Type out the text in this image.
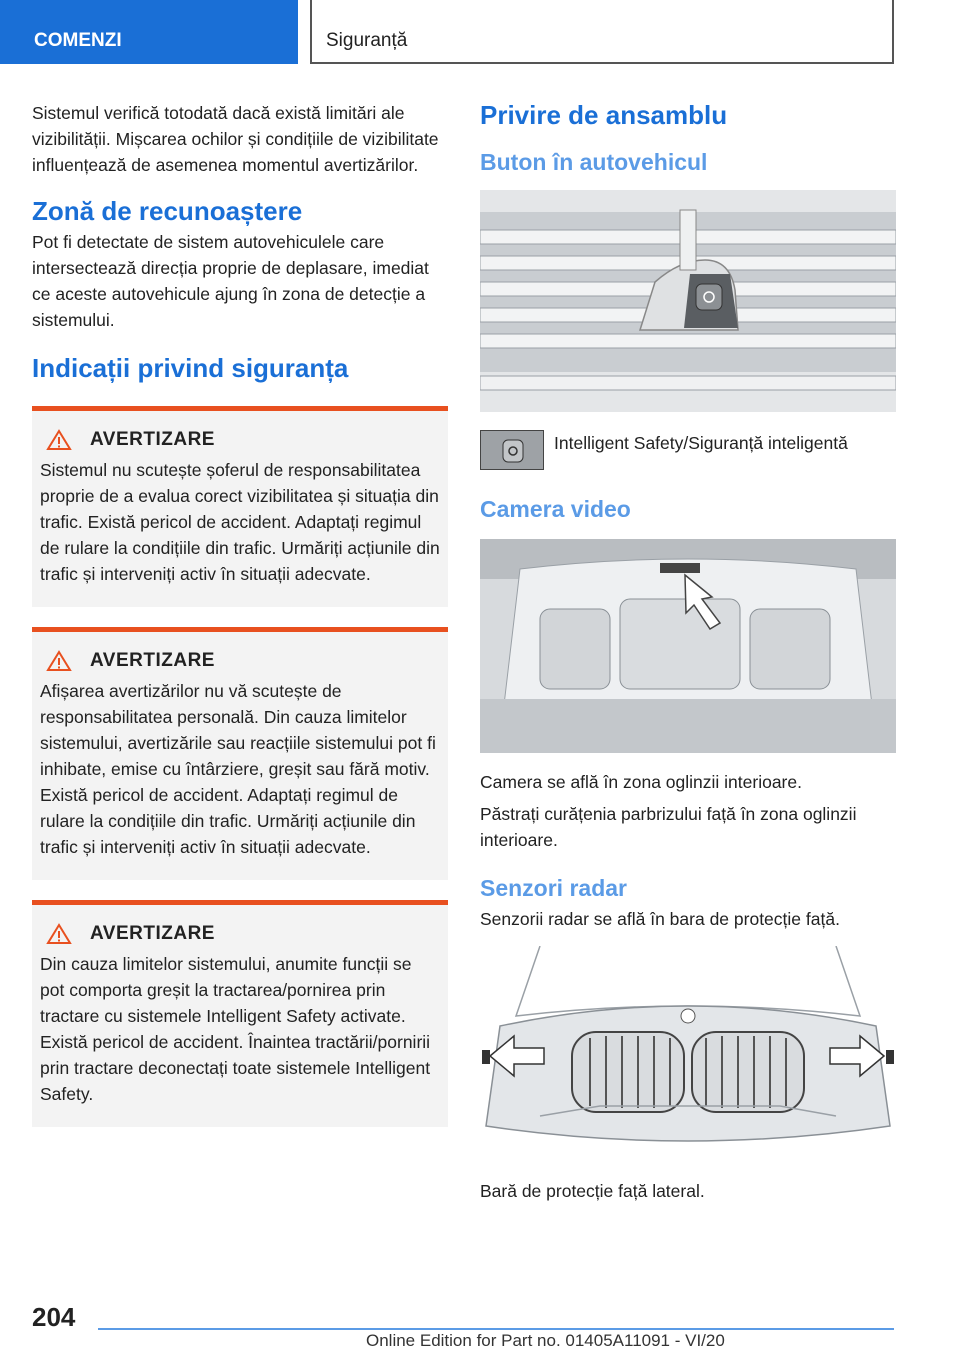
COMENZI	Siguranță

Sistemul verifică totodată dacă există limitări ale vizibilității. Mișcarea ochilor și condițiile de vizibilitate influențează de asemenea momentul avertizărilor.

Zonă de recunoaștere

Pot fi detectate de sistem autovehiculele care intersectează direcția proprie de deplasare, imediat ce aceste autovehicule ajung în zona de detecție a sistemului.

Indicații privind siguranța
AVERTIZARE

Sistemul nu scutește șoferul de responsabilitatea proprie de a evalua corect vizibilitatea și situația din trafic. Există pericol de accident. Adaptați regimul de rulare la condițiile din trafic. Urmăriți acțiunile din trafic și interveniți activ în situații adecvate.

AVERTIZARE

Afișarea avertizărilor nu vă scutește de responsabilitatea personală. Din cauza limitelor sistemului, avertizările sau reacțiile sistemului pot fi inhibate, emise cu întârziere, greșit sau fără motiv. Există pericol de accident. Adaptați regimul de rulare la condițiile din trafic. Urmăriți acțiunile din trafic și interveniți activ în situații adecvate.

AVERTIZARE

Din cauza limitelor sistemului, anumite funcții se pot comporta greșit la tractarea/pornirea prin tractare cu sistemele Intelligent Safety activate. Există pericol de accident. Înaintea tractării/pornirii prin tractare deconectați toate sistemele Intelligent Safety.

Privire de ansamblu
Buton în autovehicul
Intelligent Safety/Siguranță inteligentă
Camera video

Camera se află în zona oglinzii interioare.

Păstrați curățenia parbrizului față în zona oglinzii interioare.

Senzori radar

Senzorii radar se află în bara de protecție față.

Bară de protecție față lateral.

204
Online Edition for Part no. 01405A11091 - VI/20
